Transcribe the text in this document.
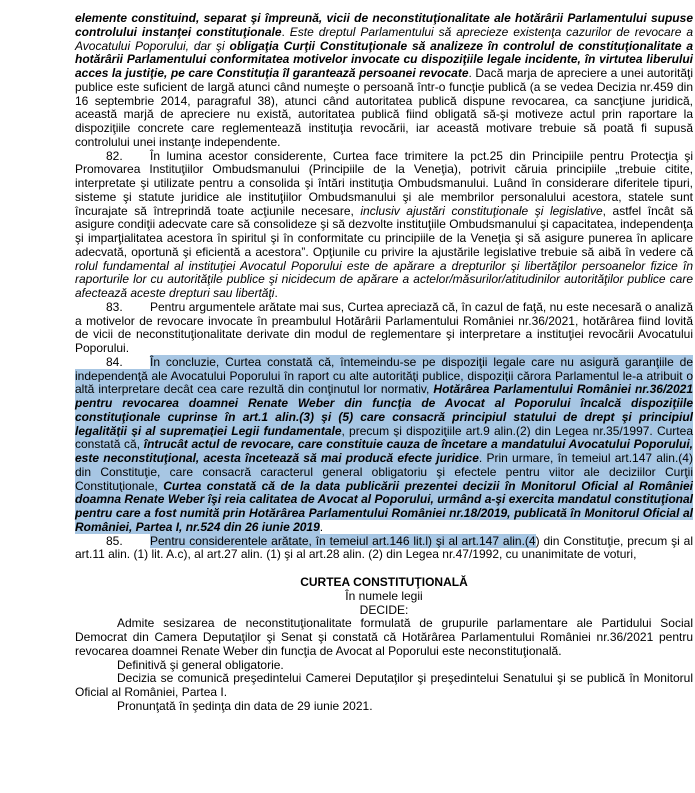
elemente constituind, separat şi împreună, vicii de neconstituţionalitate ale hotărârii Parlamentului supuse controlului instanţei constituţionale. Este dreptul Parlamentului să aprecieze existenţa cazurilor de revocare a Avocatului Poporului, dar şi obligaţia Curţii Constituţionale să analizeze în controlul de constituţionalitate a hotărârii Parlamentului conformitatea motivelor invocate cu dispoziţiile legale incidente, în virtutea liberului acces la justiţie, pe care Constituţia îl garantează persoanei revocate. Dacă marja de apreciere a unei autorităţi publice este suficient de largă atunci când numeşte o persoană într-o funcţie publică (a se vedea Decizia nr.459 din 16 septembrie 2014, paragraful 38), atunci când autoritatea publică dispune revocarea, ca sancţiune juridică, această marjă de apreciere nu există, autoritatea publică fiind obligată să-şi motiveze actul prin raportare la dispoziţiile concrete care reglementează instituţia revocării, iar această motivare trebuie să poată fi supusă controlului unei instanţe independente.

82. În lumina acestor considerente, Curtea face trimitere la pct.25 din Principiile pentru Protecţia şi Promovarea Instituţiilor Ombudsmanului (Principiile de la Veneţia), potrivit căruia principiile „trebuie citite, interpretate şi utilizate pentru a consolida şi întări instituţia Ombudsmanului. Luând în considerare diferitele tipuri, sisteme şi statute juridice ale instituţiilor Ombudsmanului şi ale membrilor personalului acestora, statele sunt încurajate să întreprindă toate acţiunile necesare, inclusiv ajustări constituţionale şi legislative, astfel încât să asigure condiţii adecvate care să consolideze şi să dezvolte instituţiile Ombudsmanului şi capacitatea, independenţa şi imparţialitatea acestora în spiritul şi în conformitate cu principiile de la Veneţia şi să asigure punerea în aplicare adecvată, oportună şi eficientă a acestora”. Opţiunile cu privire la ajustările legislative trebuie să aibă în vedere că rolul fundamental al instituţiei Avocatul Poporului este de apărare a drepturilor şi libertăţilor persoanelor fizice în raporturile lor cu autorităţile publice şi nicidecum de apărare a actelor/măsurilor/atitudinilor autorităţilor publice care afectează aceste drepturi sau libertăţi.

83. Pentru argumentele arătate mai sus, Curtea apreciază că, în cazul de faţă, nu este necesară o analiză a motivelor de revocare invocate în preambulul Hotărârii Parlamentului României nr.36/2021, hotărârea fiind lovită de vicii de neconstituţionalitate derivate din modul de reglementare şi interpretare a instituţiei revocării Avocatului Poporului.

84. În concluzie, Curtea constată că, întemeindu-se pe dispoziţii legale care nu asigură garanţiile de independenţă ale Avocatului Poporului în raport cu alte autorităţi publice, dispoziţii cărora Parlamentul le-a atribuit o altă interpretare decât cea care rezultă din conţinutul lor normativ, Hotărârea Parlamentului României nr.36/2021 pentru revocarea doamnei Renate Weber din funcţia de Avocat al Poporului încalcă dispoziţiile constituţionale cuprinse în art.1 alin.(3) şi (5) care consacră principiul statului de drept şi principiul legalităţii şi al supremaţiei Legii fundamentale, precum şi dispoziţiile art.9 alin.(2) din Legea nr.35/1997. Curtea constată că, întrucât actul de revocare, care constituie cauza de încetare a mandatului Avocatului Poporului, este neconstituţional, acesta încetează să mai producă efecte juridice. Prin urmare, în temeiul art.147 alin.(4) din Constituţie, care consacră caracterul general obligatoriu şi efectele pentru viitor ale deciziilor Curţii Constituţionale, Curtea constată că de la data publicării prezentei decizii în Monitorul Oficial al României doamna Renate Weber îşi reia calitatea de Avocat al Poporului, urmând a-şi exercita mandatul constituţional pentru care a fost numită prin Hotărârea Parlamentului României nr.18/2019, publicată în Monitorul Oficial al României, Partea I, nr.524 din 26 iunie 2019.

85. Pentru considerentele arătate, în temeiul art.146 lit.l) şi al art.147 alin.(4) din Constituţie, precum şi al art.11 alin. (1) lit. A.c), al art.27 alin. (1) şi al art.28 alin. (2) din Legea nr.47/1992, cu unanimitate de voturi,

CURTEA CONSTITUŢIONALĂ

În numele legii

DECIDE:

Admite sesizarea de neconstituţionalitate formulată de grupurile parlamentare ale Partidului Social Democrat din Camera Deputaţilor şi Senat şi constată că Hotărârea Parlamentului României nr.36/2021 pentru revocarea doamnei Renate Weber din funcţia de Avocat al Poporului este neconstituţională.

Definitivă şi general obligatorie.

Decizia se comunică preşedintelui Camerei Deputaţilor şi preşedintelui Senatului şi se publică în Monitorul Oficial al României, Partea I.

Pronunţată în şedinţa din data de 29 iunie 2021.
